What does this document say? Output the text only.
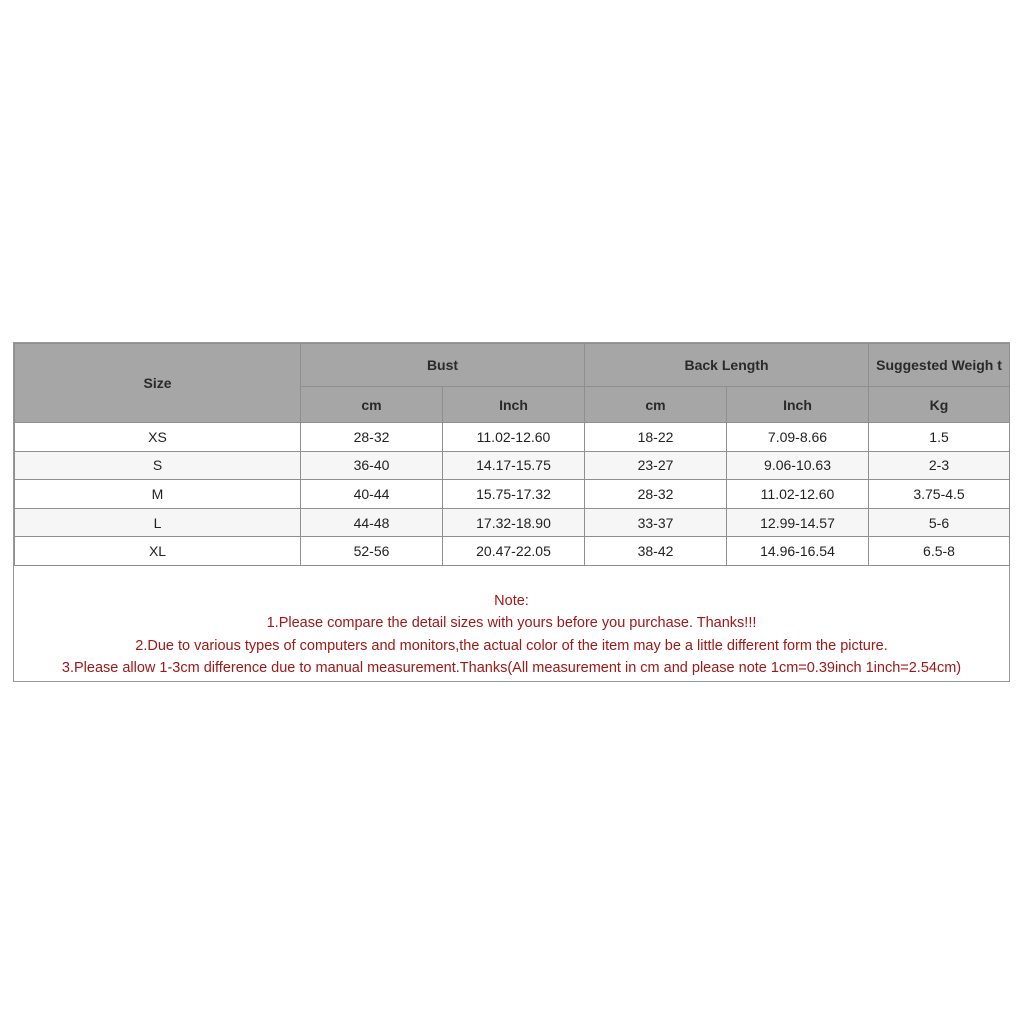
Size	Bust		Back Length		Suggested Weigh t
	cm	Inch	cm	Inch	Kg
XS	28-32	11.02-12.60	18-22	7.09-8.66	1.5
S	36-40	14.17-15.75	23-27	9.06-10.63	2-3
M	40-44	15.75-17.32	28-32	11.02-12.60	3.75-4.5
L	44-48	17.32-18.90	33-37	12.99-14.57	5-6
XL	52-56	20.47-22.05	38-42	14.96-16.54	6.5-8
Note:
1.Please compare the detail sizes with yours before you purchase. Thanks!!!
2.Due to various types of computers and monitors,the actual color of the item may be a little different form the picture.
3.Please allow 1-3cm difference due to manual measurement.Thanks(All measurement in cm and please note 1cm=0.39inch 1inch=2.54cm)
